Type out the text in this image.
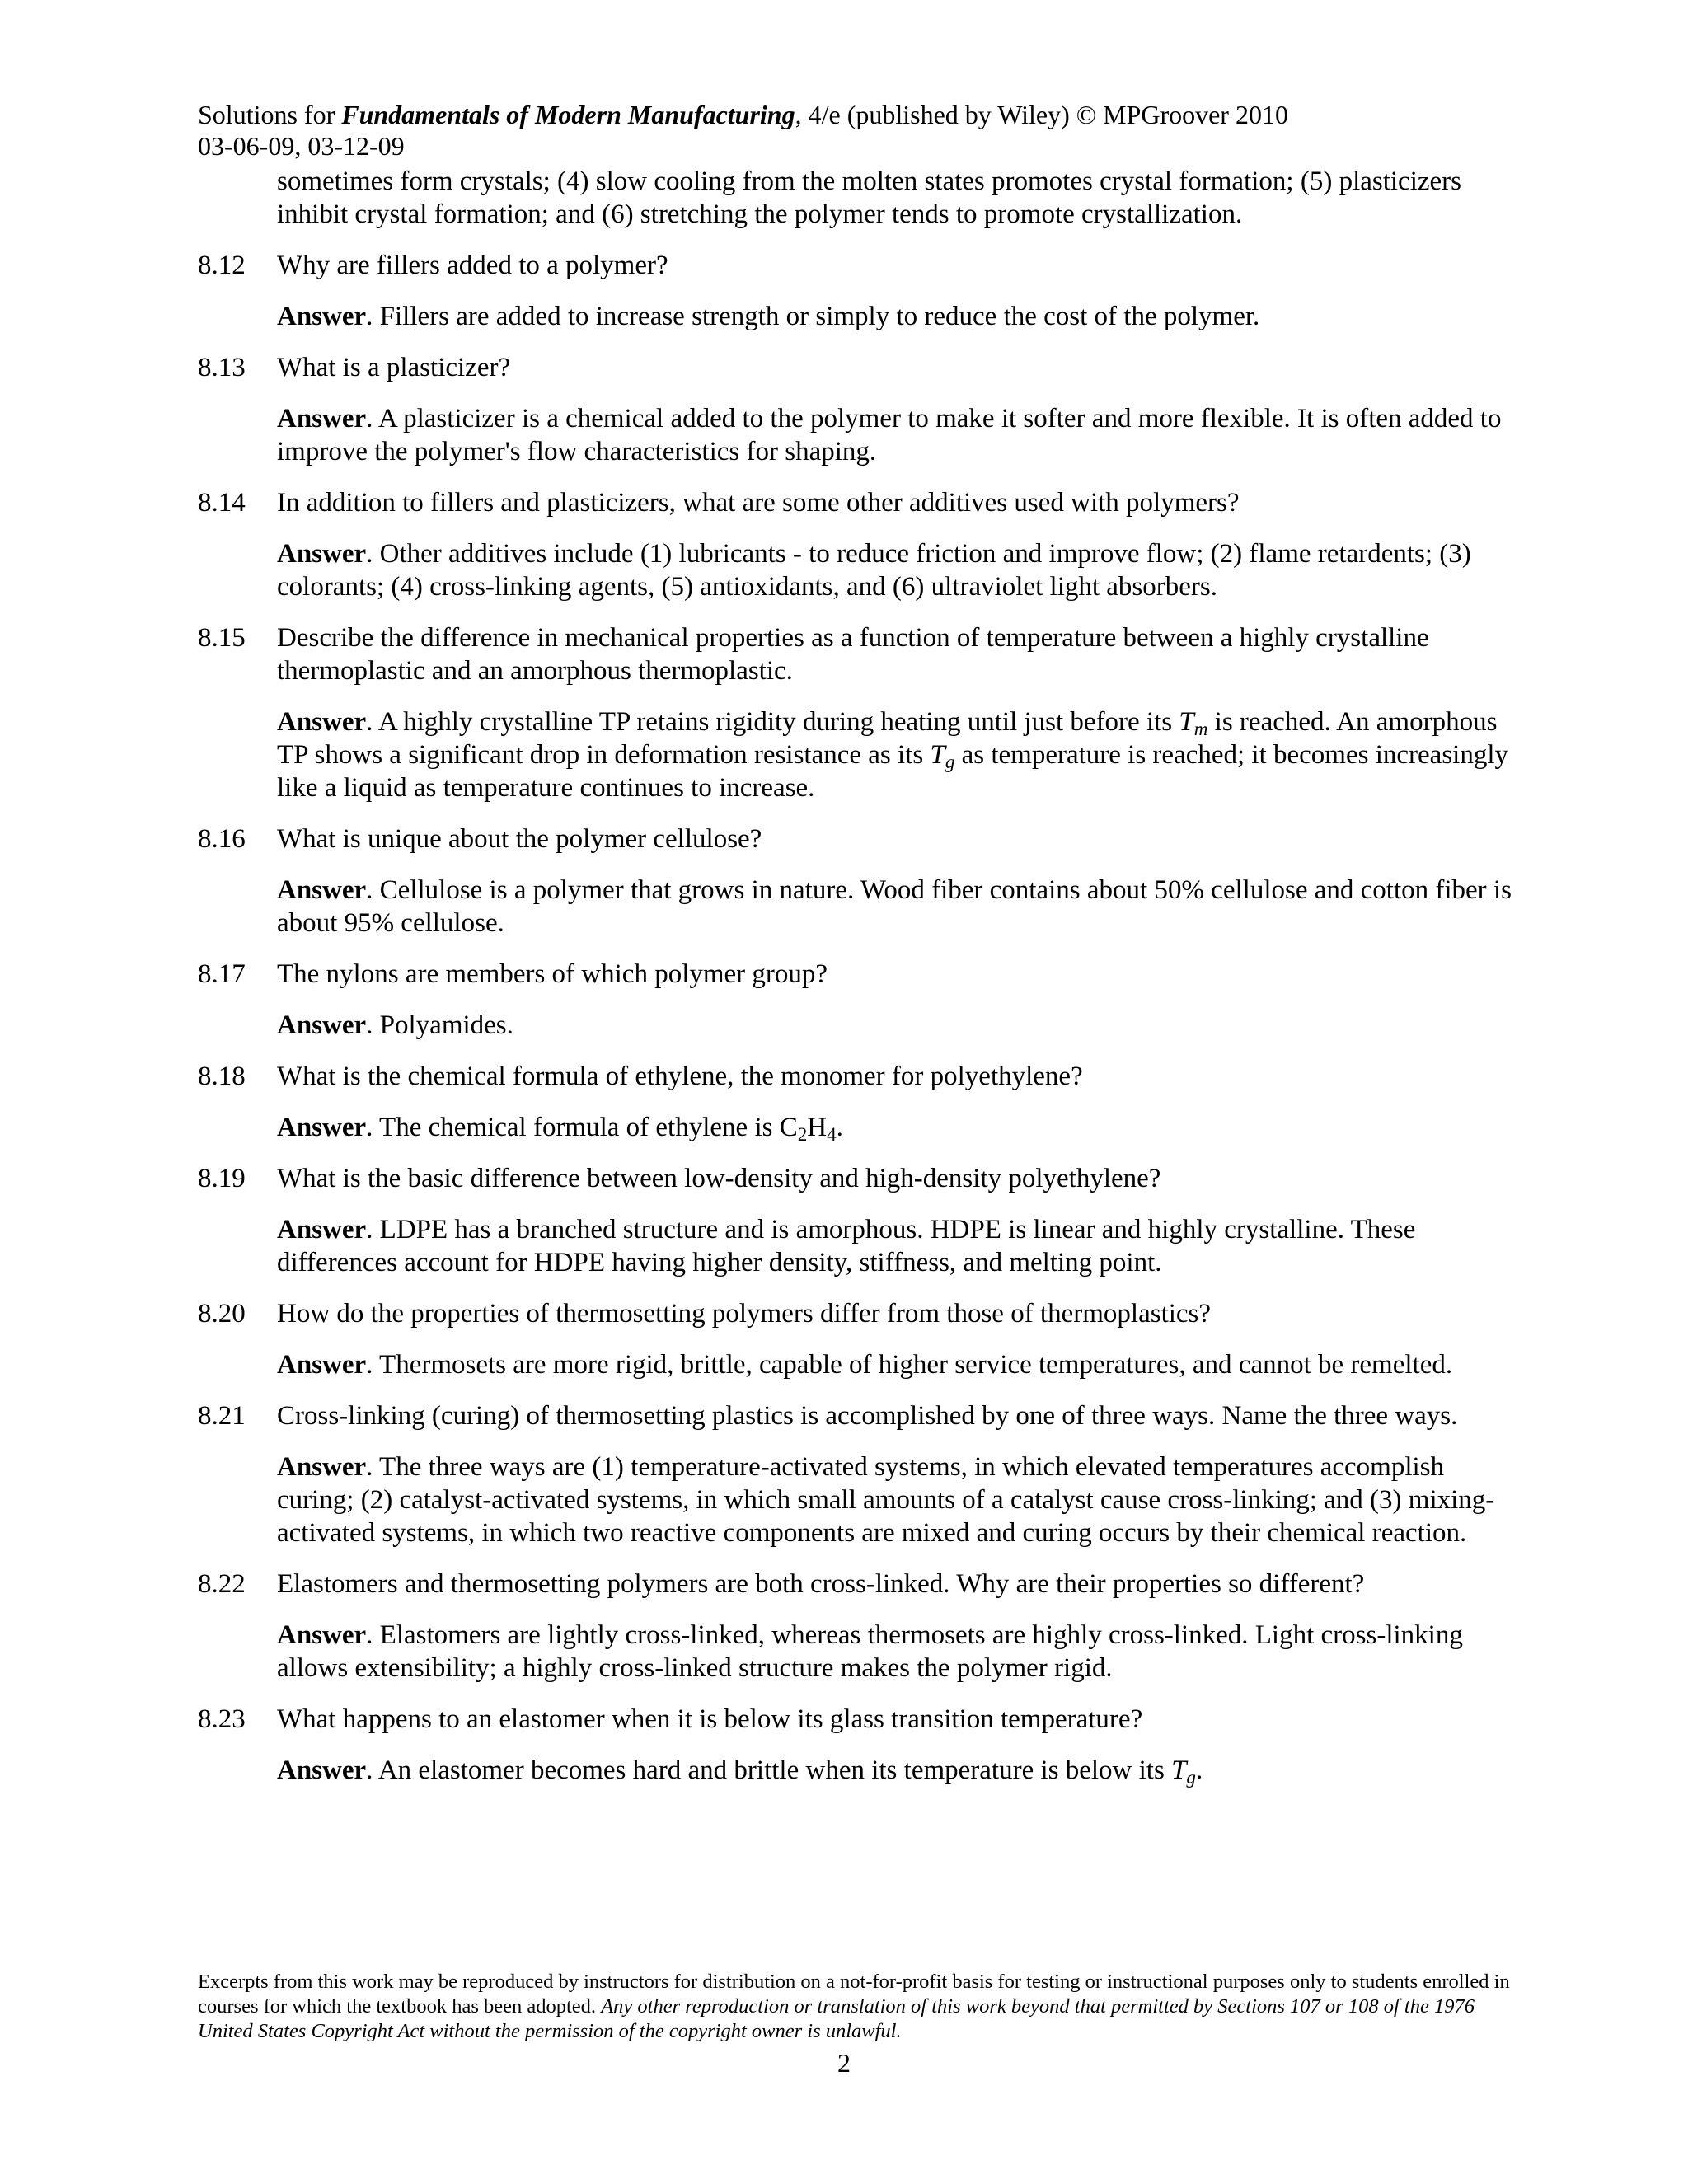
Solutions for Fundamentals of Modern Manufacturing, 4/e (published by Wiley) © MPGroover 2010
03-06-09, 03-12-09

sometimes form crystals; (4) slow cooling from the molten states promotes crystal formation; (5) plasticizers inhibit crystal formation; and (6) stretching the polymer tends to promote crystallization.

8.12	Why are fillers added to a polymer?
Answer. Fillers are added to increase strength or simply to reduce the cost of the polymer.
8.13	What is a plasticizer?
Answer. A plasticizer is a chemical added to the polymer to make it softer and more flexible. It is often added to improve the polymer's flow characteristics for shaping.
8.14	In addition to fillers and plasticizers, what are some other additives used with polymers?
Answer. Other additives include (1) lubricants - to reduce friction and improve flow; (2) flame retardents; (3) colorants; (4) cross-linking agents, (5) antioxidants, and (6) ultraviolet light absorbers.
8.15	Describe the difference in mechanical properties as a function of temperature between a highly crystalline thermoplastic and an amorphous thermoplastic.
Answer. A highly crystalline TP retains rigidity during heating until just before its $T_m$ is reached. An amorphous TP shows a significant drop in deformation resistance as its $T_g$ as temperature is reached; it becomes increasingly like a liquid as temperature continues to increase.
8.16	What is unique about the polymer cellulose?
Answer. Cellulose is a polymer that grows in nature. Wood fiber contains about 50% cellulose and cotton fiber is about 95% cellulose.
8.17	The nylons are members of which polymer group?
Answer. Polyamides.
8.18	What is the chemical formula of ethylene, the monomer for polyethylene?
Answer. The chemical formula of ethylene is $C_2H_4$.
8.19	What is the basic difference between low-density and high-density polyethylene?
Answer. LDPE has a branched structure and is amorphous. HDPE is linear and highly crystalline. These differences account for HDPE having higher density, stiffness, and melting point.
8.20	How do the properties of thermosetting polymers differ from those of thermoplastics?
Answer. Thermosets are more rigid, brittle, capable of higher service temperatures, and cannot be remelted.
8.21	Cross-linking (curing) of thermosetting plastics is accomplished by one of three ways. Name the three ways.
Answer. The three ways are (1) temperature-activated systems, in which elevated temperatures accomplish curing; (2) catalyst-activated systems, in which small amounts of a catalyst cause cross-linking; and (3) mixing-activated systems, in which two reactive components are mixed and curing occurs by their chemical reaction.
8.22	Elastomers and thermosetting polymers are both cross-linked. Why are their properties so different?
Answer. Elastomers are lightly cross-linked, whereas thermosets are highly cross-linked. Light cross-linking allows extensibility; a highly cross-linked structure makes the polymer rigid.
8.23	What happens to an elastomer when it is below its glass transition temperature?
Answer. An elastomer becomes hard and brittle when its temperature is below its $T_g$.
Excerpts from this work may be reproduced by instructors for distribution on a not-for-profit basis for testing or instructional purposes only to students enrolled in courses for which the textbook has been adopted. Any other reproduction or translation of this work beyond that permitted by Sections 107 or 108 of the 1976 United States Copyright Act without the permission of the copyright owner is unlawful.
2
